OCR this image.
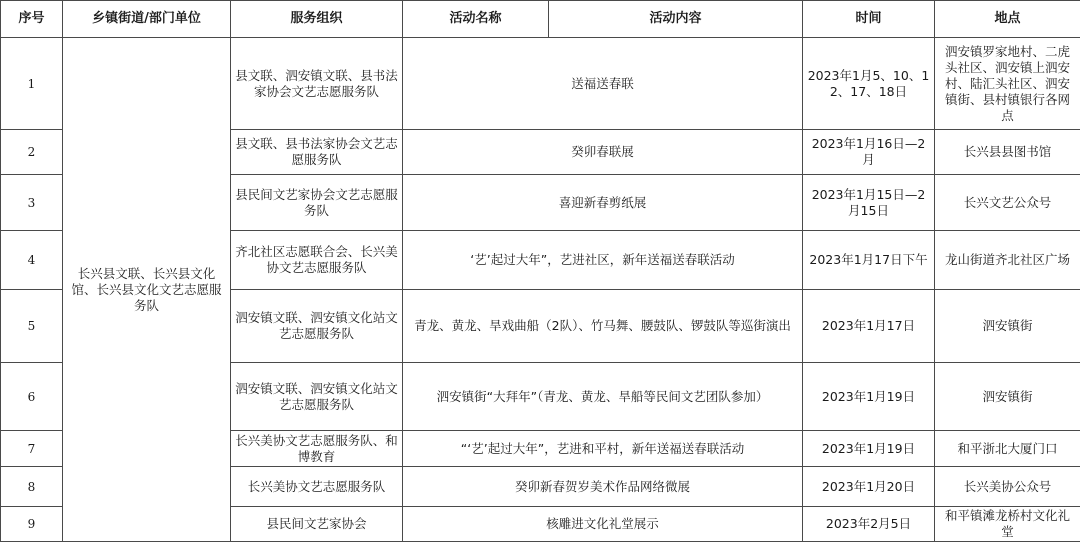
序号	乡镇街道/部门单位	服务组织	活动名称	活动内容	时间	地点
1	长兴县文联、长兴县文化馆、长兴县文化文艺志愿服务队	县文联、泗安镇文联、县书法家协会文艺志愿服务队	送福送春联		2023年1月5、10、12、17、18日	泗安镇罗家地村、二虎头社区、泗安镇上泗安村、陆汇头社区、泗安镇街、县村镇银行各网点
2		县文联、县书法家协会文艺志愿服务队	癸卯春联展		2023年1月16日—2月	长兴县县图书馆
3		县民间文艺家协会文艺志愿服务队	喜迎新春剪纸展		2023年1月15日—2月15日	长兴文艺公众号
4		齐北社区志愿联合会、长兴美协文艺志愿服务队	‘艺’起过大年”，艺进社区，新年送福送春联活动		2023年1月17日下午	龙山街道齐北社区广场
5		泗安镇文联、泗安镇文化站文艺志愿服务队	青龙、黄龙、旱戏曲船（2队）、竹马舞、腰鼓队、锣鼓队等巡街演出		2023年1月17日	泗安镇街
6		泗安镇文联、泗安镇文化站文艺志愿服务队	泗安镇街“大拜年”（青龙、黄龙、旱船等民间文艺团队参加）		2023年1月19日	泗安镇街
7		长兴美协文艺志愿服务队、和博教育	“‘艺’起过大年”，艺进和平村，新年送福送春联活动		2023年1月19日	和平浙北大厦门口
8		长兴美协文艺志愿服务队	癸卯新春贺岁美术作品网络微展		2023年1月20日	长兴美协公众号
9		县民间文艺家协会	核雕进文化礼堂展示		2023年2月5日	和平镇滩龙桥村文化礼堂
